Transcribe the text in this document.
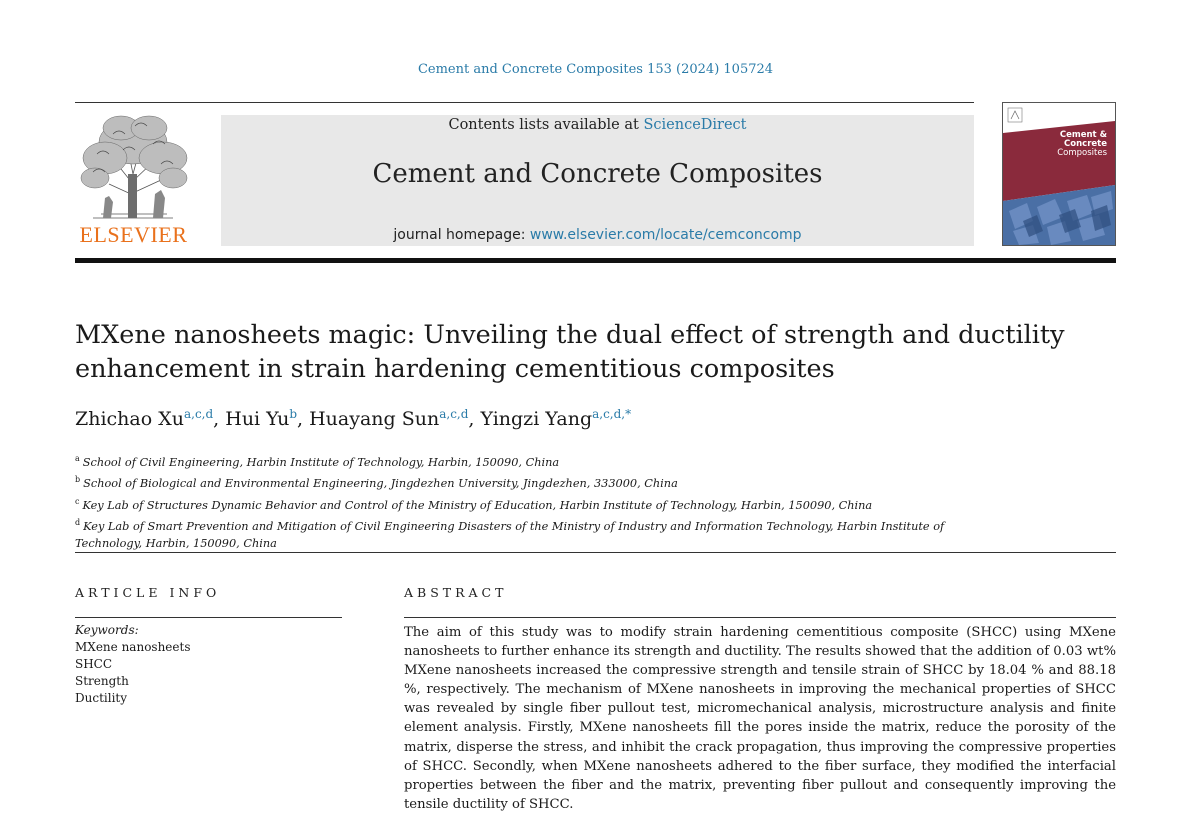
Cement and Concrete Composites 153 (2024) 105724
ELSEVIER
Contents lists available at ScienceDirect
Cement and Concrete Composites
journal homepage: www.elsevier.com/locate/cemconcomp
Cement &
Concrete
Composites
MXene nanosheets magic: Unveiling the dual effect of strength and ductility enhancement in strain hardening cementitious composites
Zhichao Xu$^{a,c,d}$, Hui Yu$^b$, Huayang Sun$^{a,c,d}$, Yingzi Yang$^{a,c,d,*}$
$^a$ School of Civil Engineering, Harbin Institute of Technology, Harbin, 150090, China
$^b$ School of Biological and Environmental Engineering, Jingdezhen University, Jingdezhen, 333000, China
$^c$ Key Lab of Structures Dynamic Behavior and Control of the Ministry of Education, Harbin Institute of Technology, Harbin, 150090, China
$^d$ Key Lab of Smart Prevention and Mitigation of Civil Engineering Disasters of the Ministry of Industry and Information Technology, Harbin Institute of Technology, Harbin, 150090, China
ARTICLE INFO	ABSTRACT
Keywords:
MXene nanosheets
SHCC
Strength
Ductility

The aim of this study was to modify strain hardening cementitious composite (SHCC) using MXene nanosheets to further enhance its strength and ductility. The results showed that the addition of 0.03 wt% MXene nanosheets increased the compressive strength and tensile strain of SHCC by 18.04 % and 88.18 %, respectively. The mechanism of MXene nanosheets in improving the mechanical properties of SHCC was revealed by single fiber pullout test, micromechanical analysis, microstructure analysis and finite element analysis. Firstly, MXene nanosheets fill the pores inside the matrix, reduce the porosity of the matrix, disperse the stress, and inhibit the crack propagation, thus improving the compressive properties of SHCC. Secondly, when MXene nanosheets adhered to the fiber surface, they modified the interfacial properties between the fiber and the matrix, preventing fiber pullout and consequently improving the tensile ductility of SHCC.
